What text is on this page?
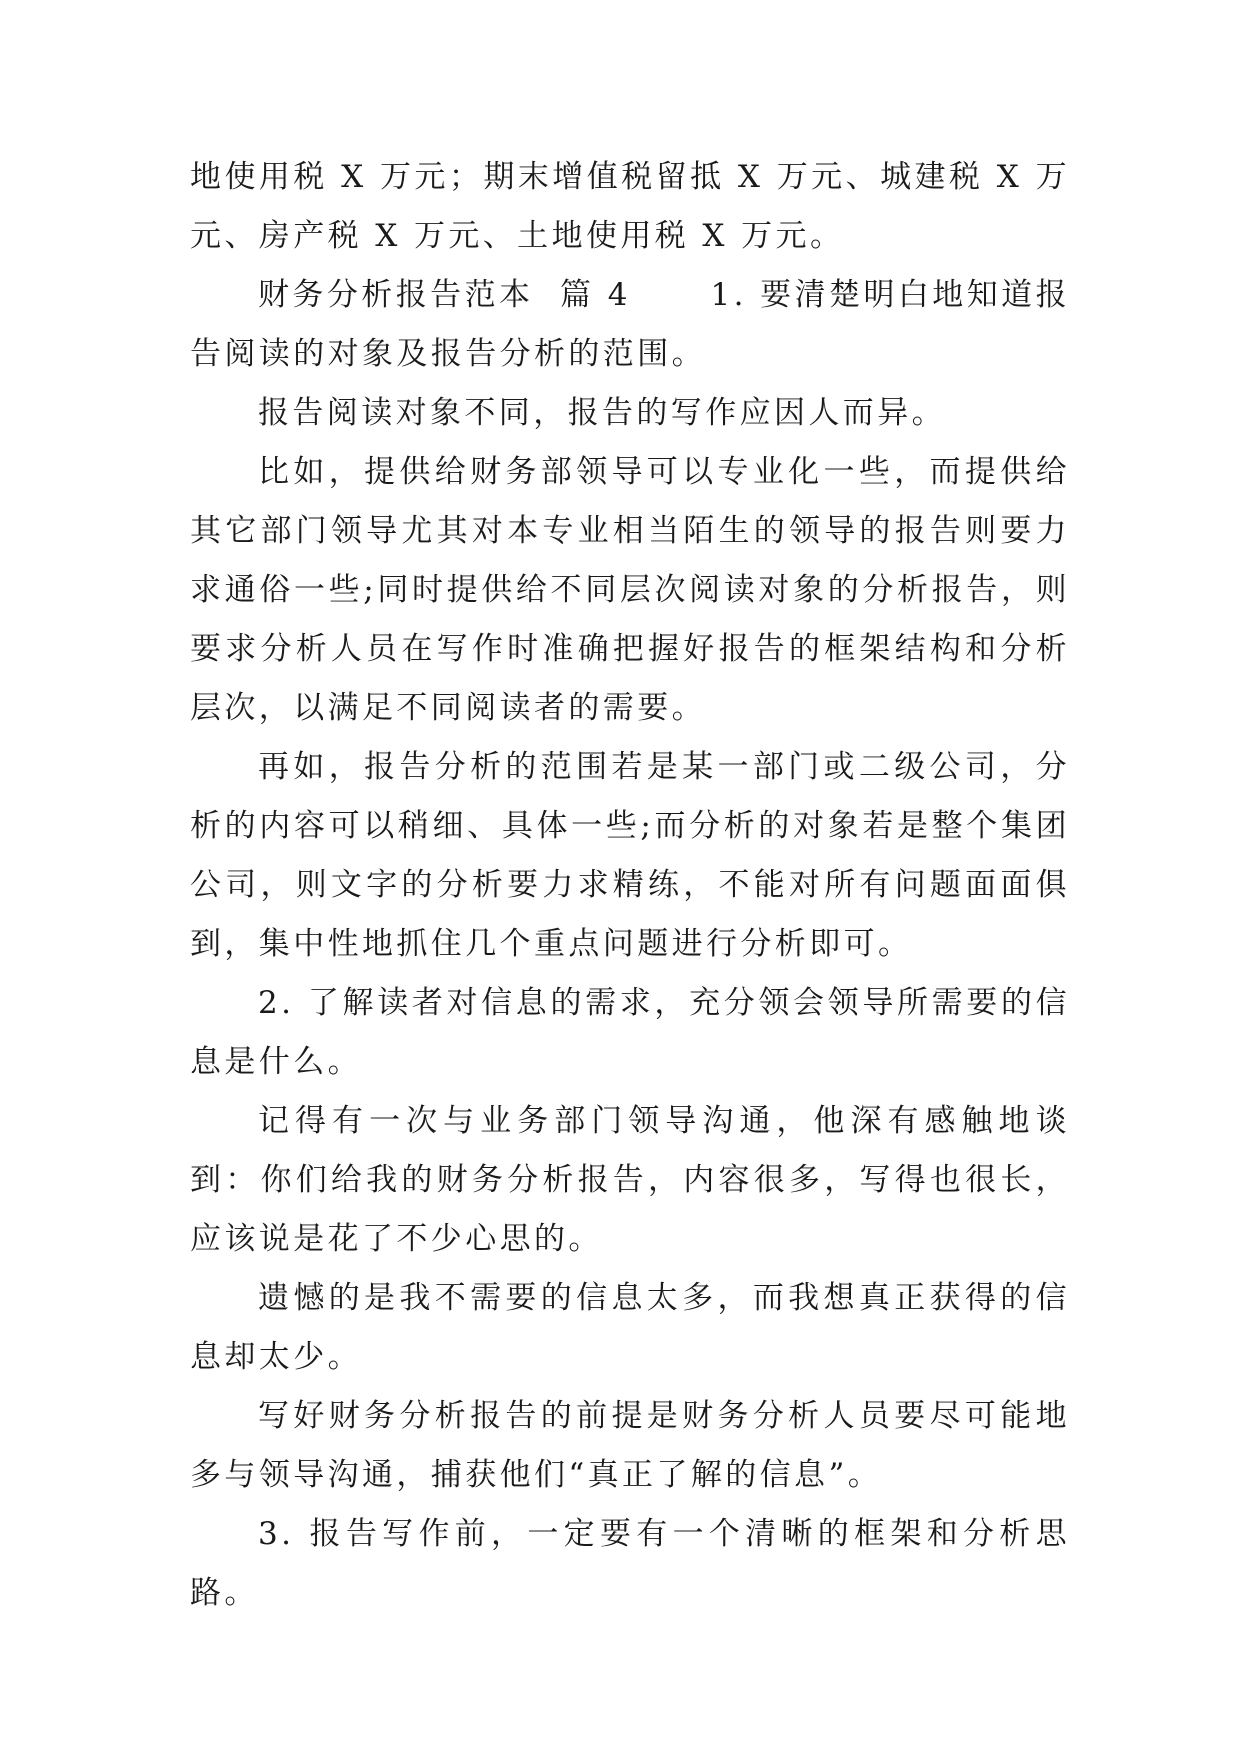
地使用税 X 万元；期末增值税留抵 X 万元、城建税 X 万元、房产税 X 万元、土地使用税 X 万元。

财务分析报告范本  篇 4      1. 要清楚明白地知道报告阅读的对象及报告分析的范围。

报告阅读对象不同，报告的写作应因人而异。

比如，提供给财务部领导可以专业化一些，而提供给其它部门领导尤其对本专业相当陌生的领导的报告则要力求通俗一些;同时提供给不同层次阅读对象的分析报告，则要求分析人员在写作时准确把握好报告的框架结构和分析层次，以满足不同阅读者的需要。

再如，报告分析的范围若是某一部门或二级公司，分析的内容可以稍细、具体一些;而分析的对象若是整个集团公司，则文字的分析要力求精练，不能对所有问题面面俱到，集中性地抓住几个重点问题进行分析即可。

2. 了解读者对信息的需求，充分领会领导所需要的信息是什么。

记得有一次与业务部门领导沟通，他深有感触地谈到：你们给我的财务分析报告，内容很多，写得也很长，应该说是花了不少心思的。

遗憾的是我不需要的信息太多，而我想真正获得的信息却太少。

写好财务分析报告的前提是财务分析人员要尽可能地多与领导沟通，捕获他们“真正了解的信息”。

3. 报告写作前，一定要有一个清晰的框架和分析思路。
